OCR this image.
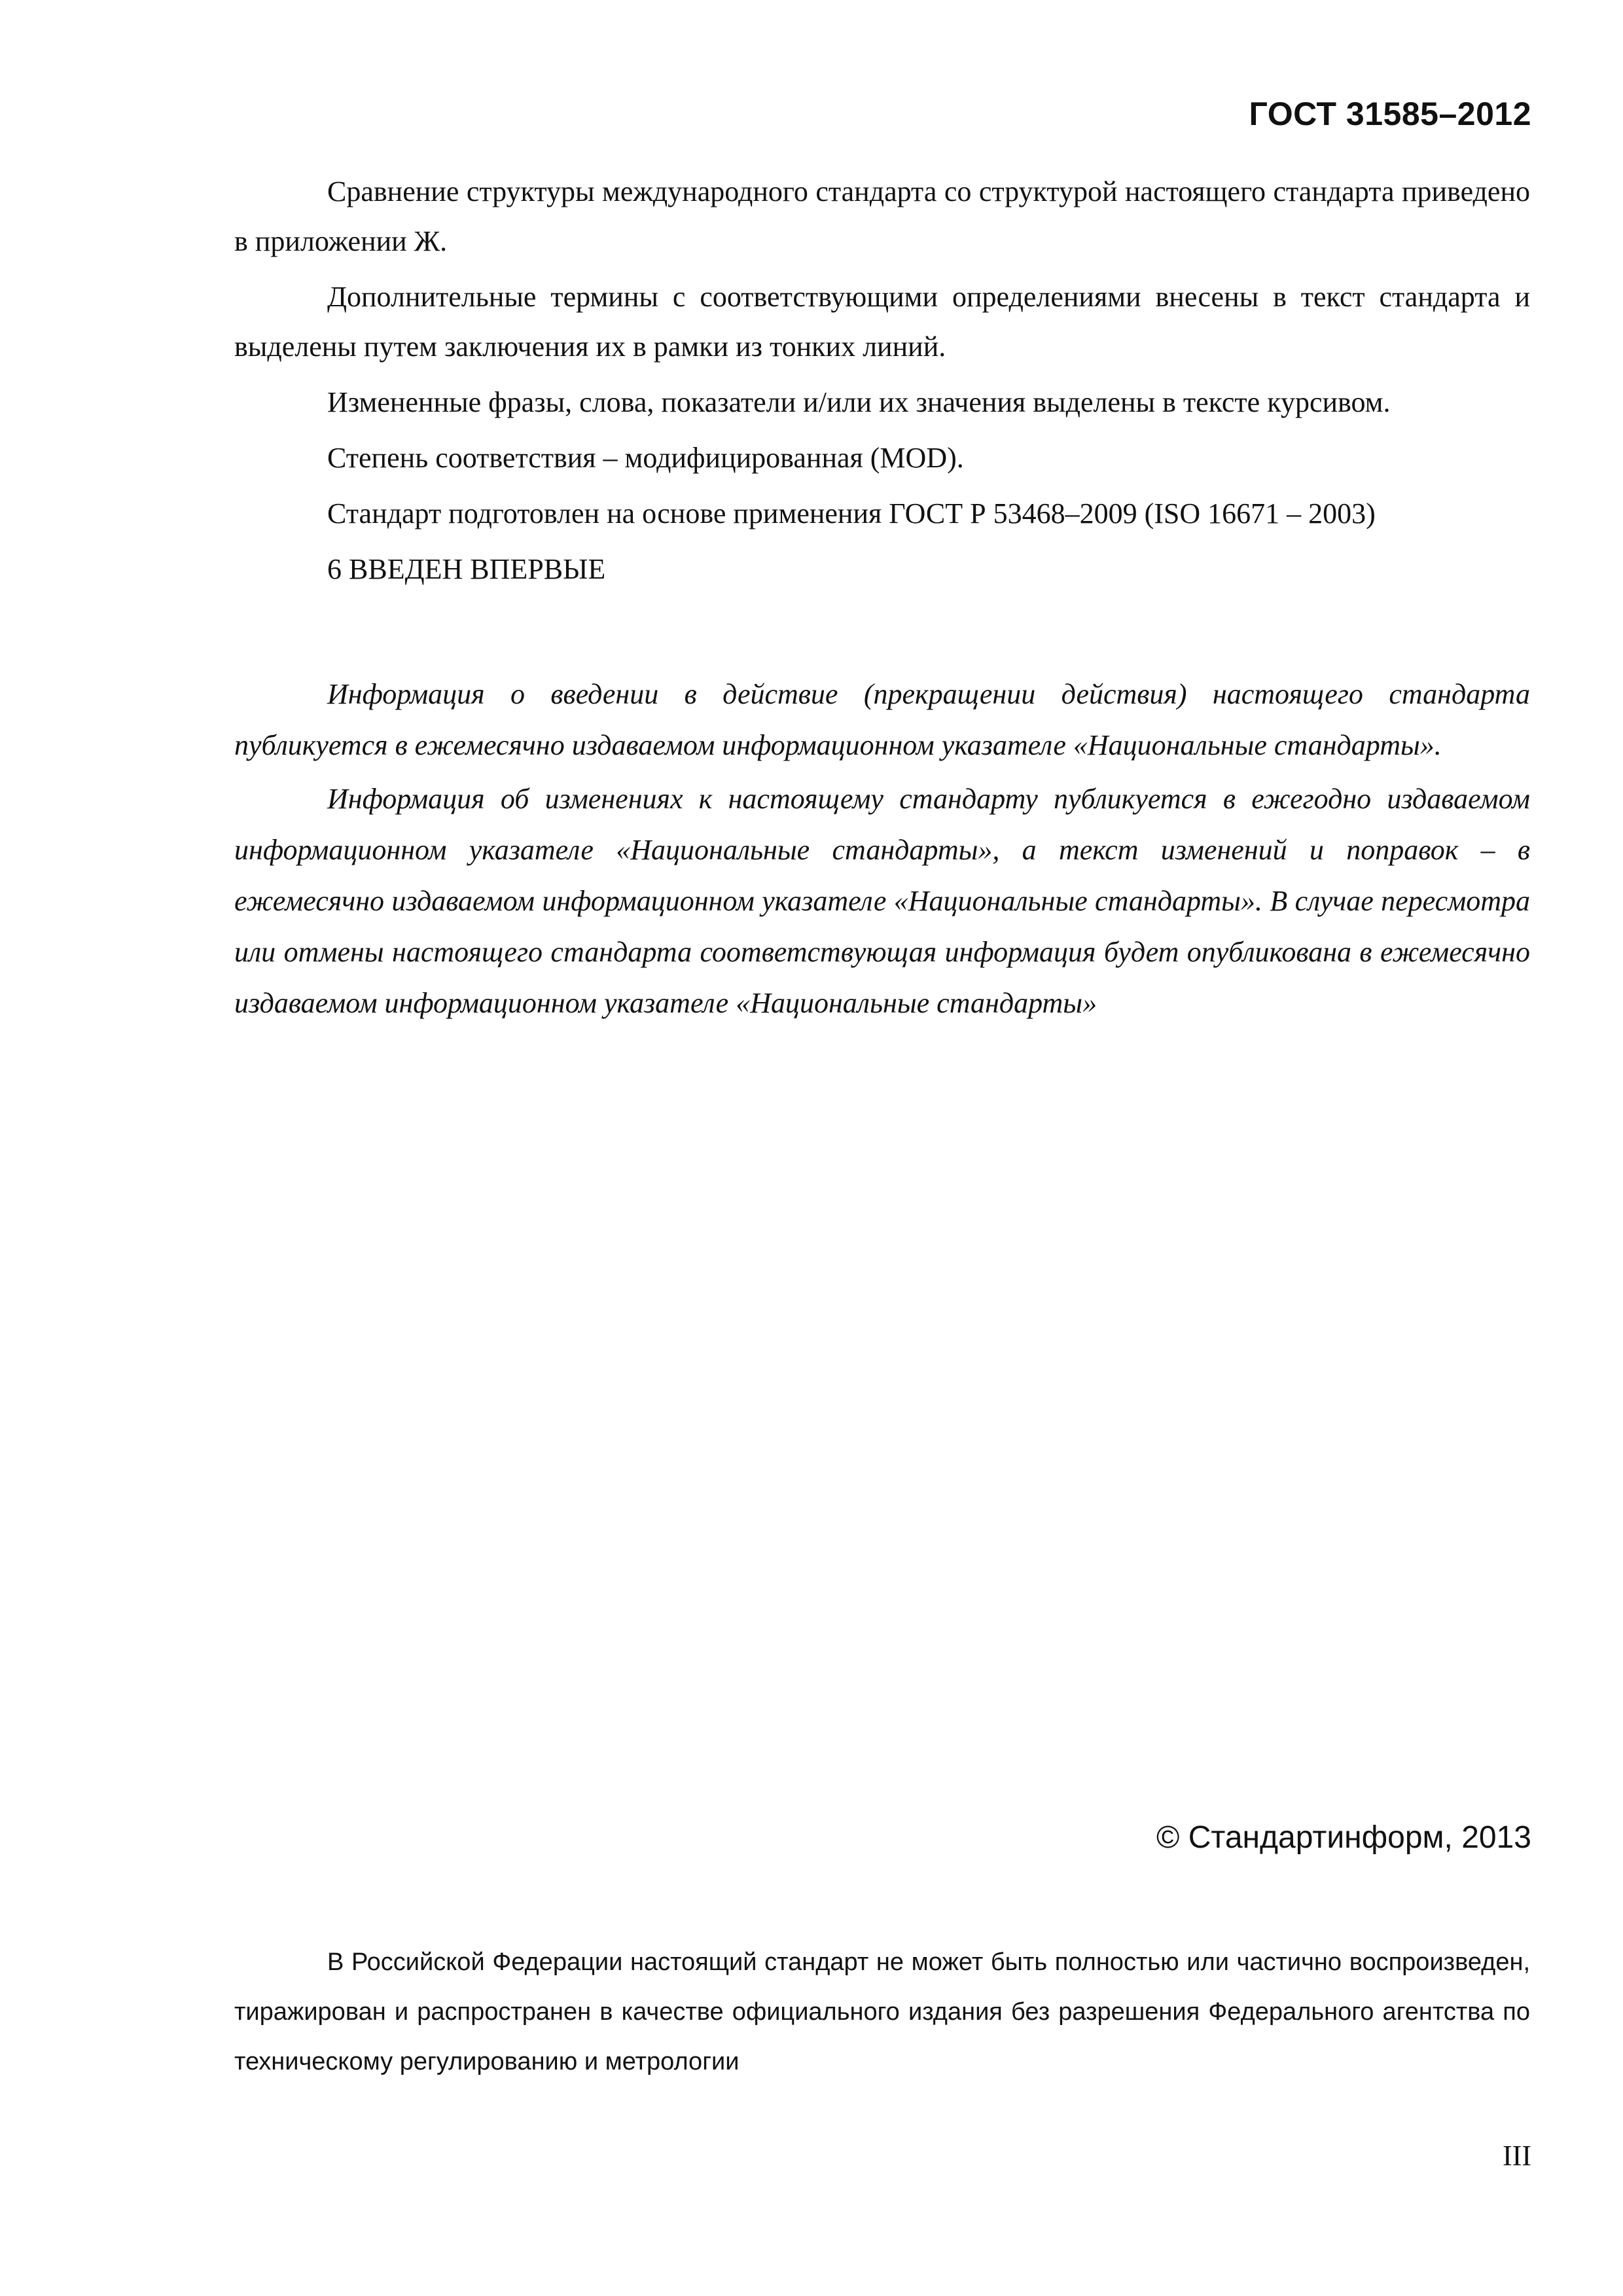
ГОСТ 31585–2012

Сравнение структуры международного стандарта со структурой настоящего стандарта приведено в приложении Ж.

Дополнительные термины с соответствующими определениями внесены в текст стандарта и выделены путем заключения их в рамки из тонких линий.

Измененные фразы, слова, показатели и/или их значения выделены в тексте курсивом.

Степень соответствия – модифицированная (MOD).

Стандарт подготовлен на основе применения ГОСТ Р 53468–2009 (ISO 16671 – 2003)

6 ВВЕДЕН ВПЕРВЫЕ

Информация о введении в действие (прекращении действия) настоящего стандарта публикуется в ежемесячно издаваемом информационном указателе «Национальные стандарты».

Информация об изменениях к настоящему стандарту публикуется в ежегодно издаваемом информационном указателе «Национальные стандарты», а текст изменений и поправок – в ежемесячно издаваемом информационном указателе «Национальные стандарты». В случае пересмотра или отмены настоящего стандарта соответствующая информация будет опубликована в ежемесячно издаваемом информационном указателе «Национальные стандарты»

© Стандартинформ, 2013

В Российской Федерации настоящий стандарт не может быть полностью или частично воспроизведен, тиражирован и распространен в качестве официального издания без разрешения Федерального агентства по техническому регулированию и метрологии

III
